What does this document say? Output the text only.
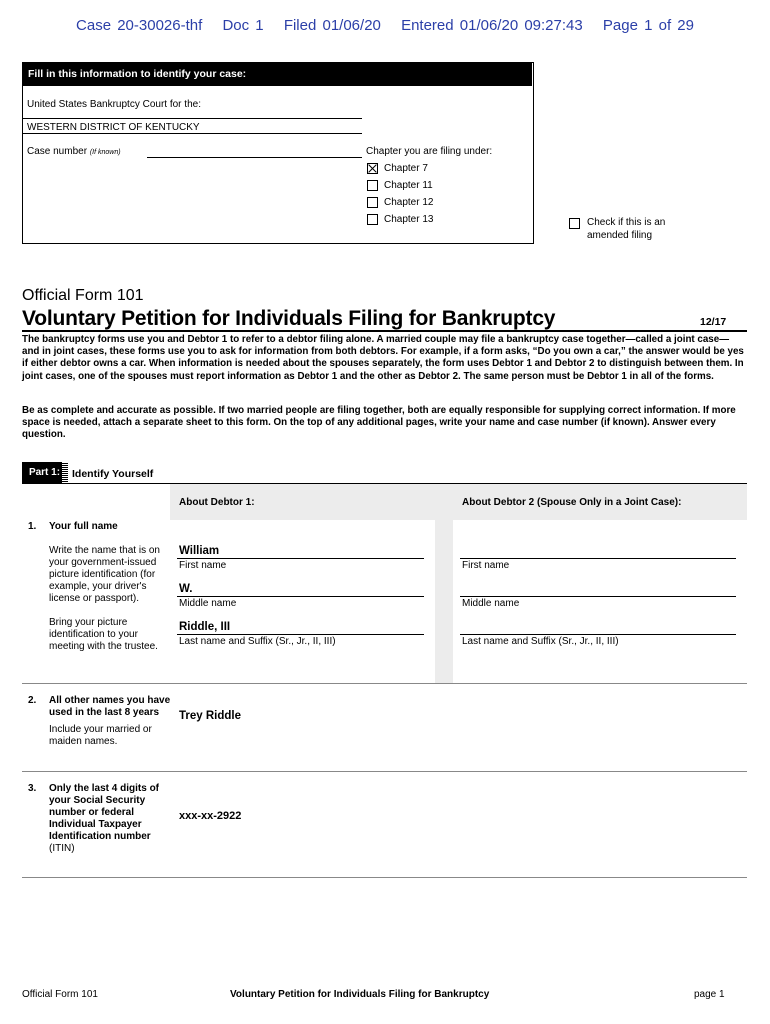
Case 20-30026-thf Doc 1 Filed 01/06/20 Entered 01/06/20 09:27:43 Page 1 of 29
Fill in this information to identify your case:
United States Bankruptcy Court for the:
WESTERN DISTRICT OF KENTUCKY
Case number (If known)	Chapter you are filing under:
Chapter 7
Chapter 11
Chapter 12
Chapter 13	Check if this is an
amended filing
Official Form 101
Voluntary Petition for Individuals Filing for Bankruptcy	12/17
The bankruptcy forms use you and Debtor 1 to refer to a debtor filing alone. A married couple may file a bankruptcy case together—called a joint case—and in joint cases, these forms use you to ask for information from both debtors. For example, if a form asks, “Do you own a car,” the answer would be yes if either debtor owns a car. When information is needed about the spouses separately, the form uses Debtor 1 and Debtor 2 to distinguish between them. In joint cases, one of the spouses must report information as Debtor 1 and the other as Debtor 2. The same person must be Debtor 1 in all of the forms.
Be as complete and accurate as possible. If two married people are filing together, both are equally responsible for supplying correct information. If more space is needed, attach a separate sheet to this form. On the top of any additional pages, write your name and case number (if known). Answer every question.
Part 1:	Identify Yourself
About Debtor 1:	About Debtor 2 (Spouse Only in a Joint Case):
1. Your full name
Write the name that is on your government-issued picture identification (for example, your driver's license or passport).
Bring your picture identification to your meeting with the trustee.
William
First name
W.
Middle name
Riddle, III
Last name and Suffix (Sr., Jr., II, III)
First name
Middle name
Last name and Suffix (Sr., Jr., II, III)
2. All other names you have used in the last 8 years
Include your married or maiden names.
Trey Riddle
3. Only the last 4 digits of your Social Security number or federal Individual Taxpayer Identification number
(ITIN)
xxx-xx-2922
Official Form 101	Voluntary Petition for Individuals Filing for Bankruptcy	page 1
